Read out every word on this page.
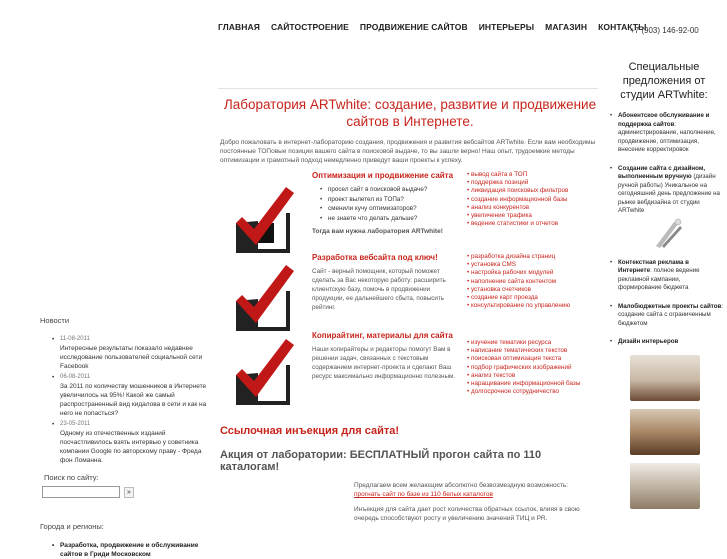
ГЛАВНАЯ САЙТОСТРОЕНИЕ ПРОДВИЖЕНИЕ САЙТОВ ИНТЕРЬЕРЫ МАГАЗИН КОНТАКТЫ
+7 (903) 146-92-00
Новости
• 11-08-2011
Интересные результаты показало недавнее исследование пользователей социальной сети Facebook
• 06-08-2011
За 2011 по количеству мошенников в Интернете увеличилось на 95%! Какой же самый распространенный вид кидалова в сети и как на него не попасться?
• 23-05-2011
Одному из отечественных изданий посчастливилось взять интервью у советника компании Google по авторскому праву - Фреда фон Ломанна.
Поиск по сайту:
»
Города и регионы:
• Разработка, продвижение и обслуживание сайтов в Гриди Московском
Лаборатория ARTwhite: создание, развитие и продвижение сайтов в Интернете.

Добро пожаловать в интернет-лабораторию создания, продвижения и развития вебсайтов ARTwhite. Если вам необходимы постоянные ТОПовые позиции вашего сайта в поисковой выдаче, то вы зашли верно! Наш опыт, трудоемкие методы оптимизации и грамотный подход немедленно приведут ваши проекты к успеху.

Оптимизация и продвижение сайта
• просел сайт в поисковой выдаче?
• проект вылетел из ТОПа?
• сменили кучу оптимизаторов?
• не знаете что делать дальше?

Тогда вам нужна лаборатория ARTwhite!

• вывод сайта в ТОП
• поддержка позиций
• ликвидация поисковых фильтров
• создание информационной базы
• анализ конкурентов
• увеличение трафика
• ведение статистики и отчетов
Разработка вебсайта под ключ!

Сайт - верный помощник, который поможет сделать за Вас некоторую работу: расширить клиентскую базу, помочь в продвижении продукции, ее дальнейшего сбыта, повысить рейтинг.

• разработка дизайна страниц
• установка CMS
• настройка рабочих модулей
• наполнение сайта контентом
• установка счетчиков
• создание карт проезда
• консультирование по управлению
Копирайтинг, материалы для сайта

Наши копирайтеры и редакторы помогут Вам в решении задач, связанных с текстовым содержанием интернет-проекта и сделают Ваш ресурс максимально информационно полезным.

• изучение тематики ресурса
• написание тематических текстов
• поисковая оптимизация текста
• подбор графических изображений
• анализ текстов
• наращивание информационной базы
• долгосрочное сотрудничество
Ссылочная инъекция для сайта!
Акция от лаборатории: БЕСПЛАТНЫЙ прогон сайта по 110 каталогам!
Предлагаем всем желающим абсолютно безвозмездную возможность:
прогнать сайт по базе из 110 белых каталогов
Инъекция для сайта дает рост количества обратных ссылок, влияя в свою очередь способствуют росту и увеличению значений ТИЦ и PR.
Специальные предложения от студии ARTwhite:
• Абонентское обслуживание и поддержка сайтов: администрирование, наполнение, продвижение, оптимизация, внесение корректировок
• Создание сайта с дизайном, выполненным вручную (дизайн ручной работы) Уникальное на сегодняшний день предложение на рынке вебдизайна от студии ARTwhite
• Контекстная реклама в Интернете: полное ведение рекламной кампании, формирование бюджета
• Малобюджетные проекты сайтов: создание сайта с ограниченным бюджетом
• Дизайн интерьеров
